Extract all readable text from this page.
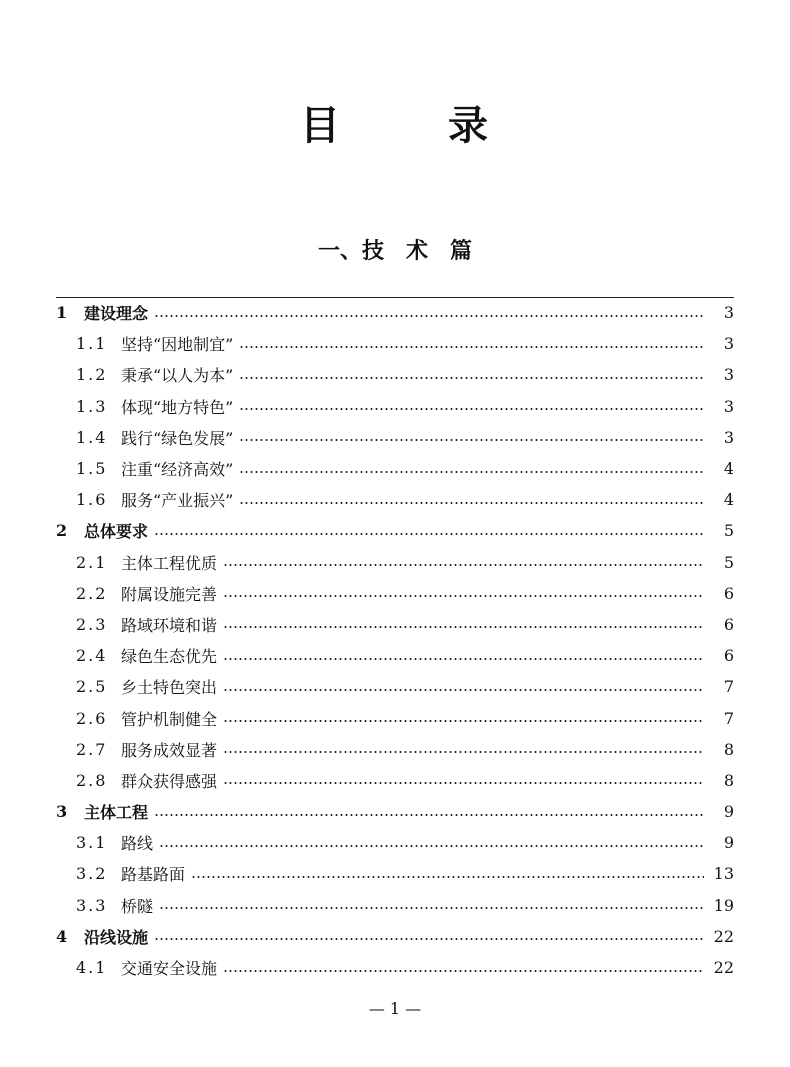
目 录
一、技　术　篇
1	建设理念	3
1.1 坚持“因地制宜”	3
1.2 秉承“以人为本”	3
1.3 体现“地方特色”	3
1.4 践行“绿色发展”	3
1.5 注重“经济高效”	4
1.6 服务“产业振兴”	4
2	总体要求	5
2.1 主体工程优质	5
2.2 附属设施完善	6
2.3 路域环境和谐	6
2.4 绿色生态优先	6
2.5 乡土特色突出	7
2.6 管护机制健全	7
2.7 服务成效显著	8
2.8 群众获得感强	8
3	主体工程	9
3.1 路线	9
3.2 路基路面	13
3.3 桥隧	19
4	沿线设施	22
4.1 交通安全设施	22
— 1 —
